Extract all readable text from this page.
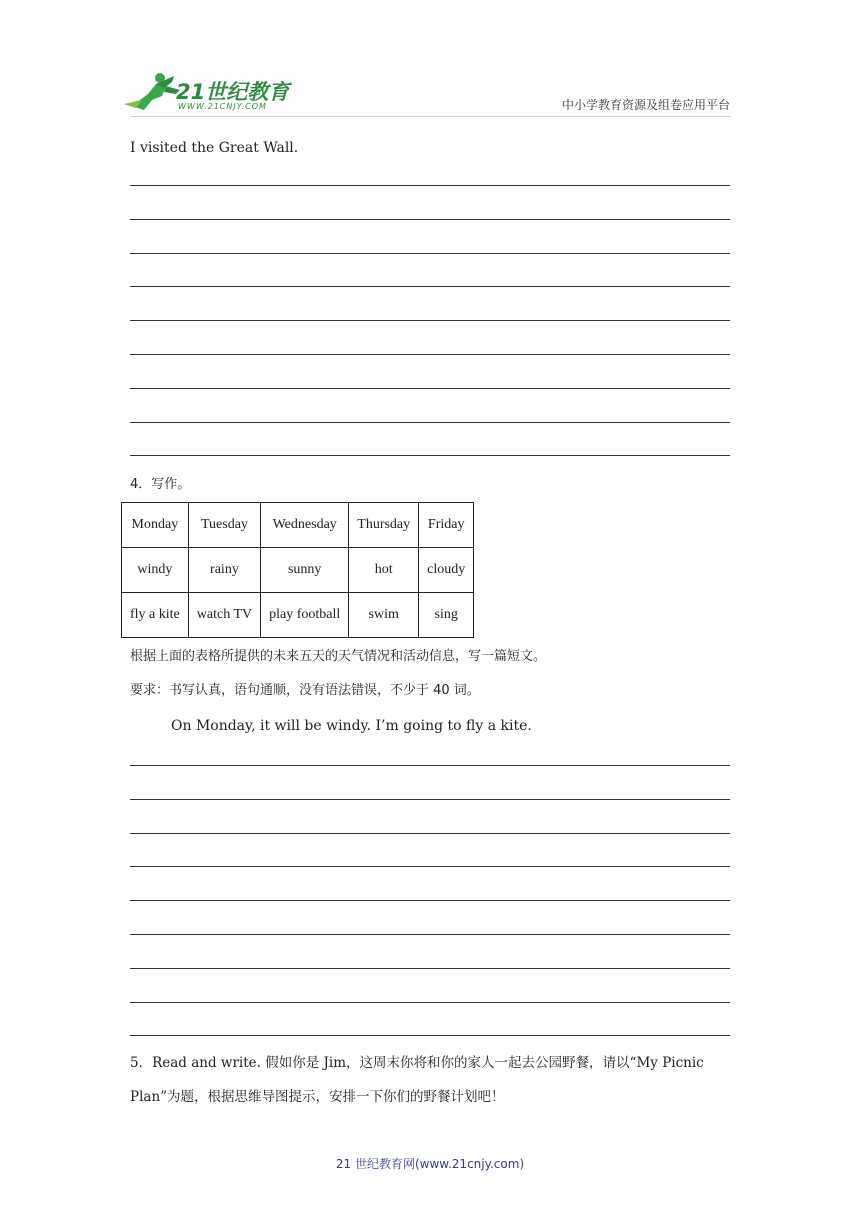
21世纪教育
WWW.21CNJY.COM	中小学教育资源及组卷应用平台
I visited the Great Wall.
4．写作。
Monday	Tuesday	Wednesday	Thursday	Friday
windy	rainy	sunny	hot	cloudy
fly a kite	watch TV	play football	swim	sing
根据上面的表格所提供的未来五天的天气情况和活动信息，写一篇短文。
要求：书写认真，语句通顺，没有语法错误，不少于 40 词。
On Monday, it will be windy. I’m going to fly a kite.
5．Read and write. 假如你是 Jim，这周末你将和你的家人一起去公园野餐，请以“My Picnic
Plan”为题，根据思维导图提示，安排一下你们的野餐计划吧！
21 世纪教育网(www.21cnjy.com)
